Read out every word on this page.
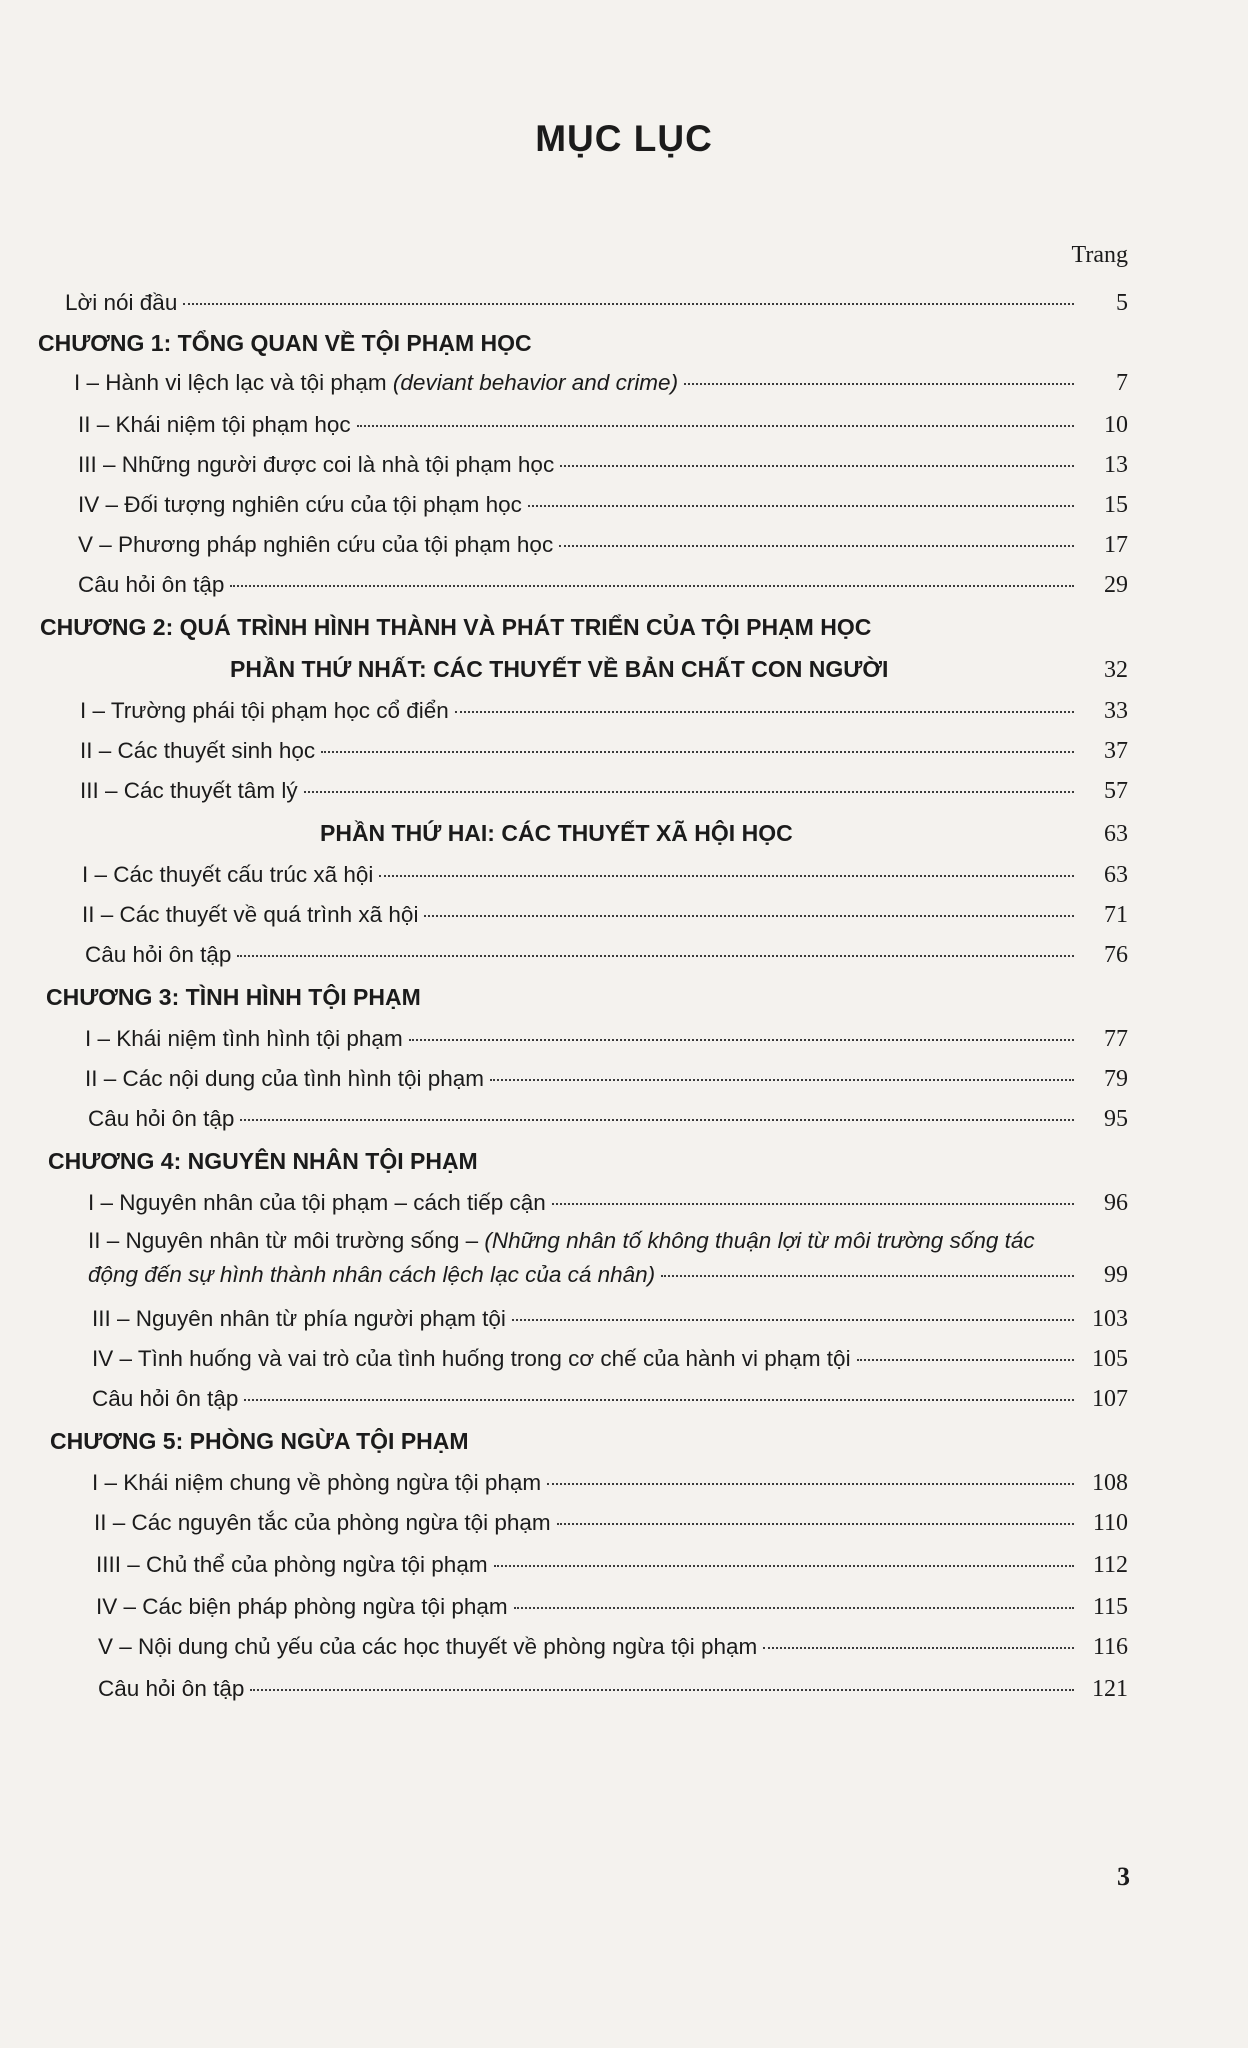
MỤC LỤC
Trang
Lời nói đầu	5
CHƯƠNG 1: TỔNG QUAN VỀ TỘI PHẠM HỌC
I – Hành vi lệch lạc và tội phạm (deviant behavior and crime)	7
II – Khái niệm tội phạm học	10
III – Những người được coi là nhà tội phạm học	13
IV – Đối tượng nghiên cứu của tội phạm học	15
V – Phương pháp nghiên cứu của tội phạm học	17
Câu hỏi ôn tập	29
CHƯƠNG 2: QUÁ TRÌNH HÌNH THÀNH VÀ PHÁT TRIỂN CỦA TỘI PHẠM HỌC
PHẦN THỨ NHẤT: CÁC THUYẾT VỀ BẢN CHẤT CON NGƯỜI	32
I – Trường phái tội phạm học cổ điển	33
II – Các thuyết sinh học	37
III – Các thuyết tâm lý	57
PHẦN THỨ HAI: CÁC THUYẾT XÃ HỘI HỌC	63
I – Các thuyết cấu trúc xã hội	63
II – Các thuyết về quá trình xã hội	71
Câu hỏi ôn tập	76
CHƯƠNG 3: TÌNH HÌNH TỘI PHẠM
I – Khái niệm tình hình tội phạm	77
II – Các nội dung của tình hình tội phạm	79
Câu hỏi ôn tập	95
CHƯƠNG 4: NGUYÊN NHÂN TỘI PHẠM
I – Nguyên nhân của tội phạm – cách tiếp cận	96
II – Nguyên nhân từ môi trường sống – (Những nhân tố không thuận lợi từ môi trường sống tác
động đến sự hình thành nhân cách lệch lạc của cá nhân)	99
III – Nguyên nhân từ phía người phạm tội	103
IV – Tình huống và vai trò của tình huống trong cơ chế của hành vi phạm tội	105
Câu hỏi ôn tập	107
CHƯƠNG 5: PHÒNG NGỪA TỘI PHẠM
I – Khái niệm chung về phòng ngừa tội phạm	108
II – Các nguyên tắc của phòng ngừa tội phạm	110
IIII – Chủ thể của phòng ngừa tội phạm	112
IV – Các biện pháp phòng ngừa tội phạm	115
V – Nội dung chủ yếu của các học thuyết về phòng ngừa tội phạm	116
Câu hỏi ôn tập	121
3
